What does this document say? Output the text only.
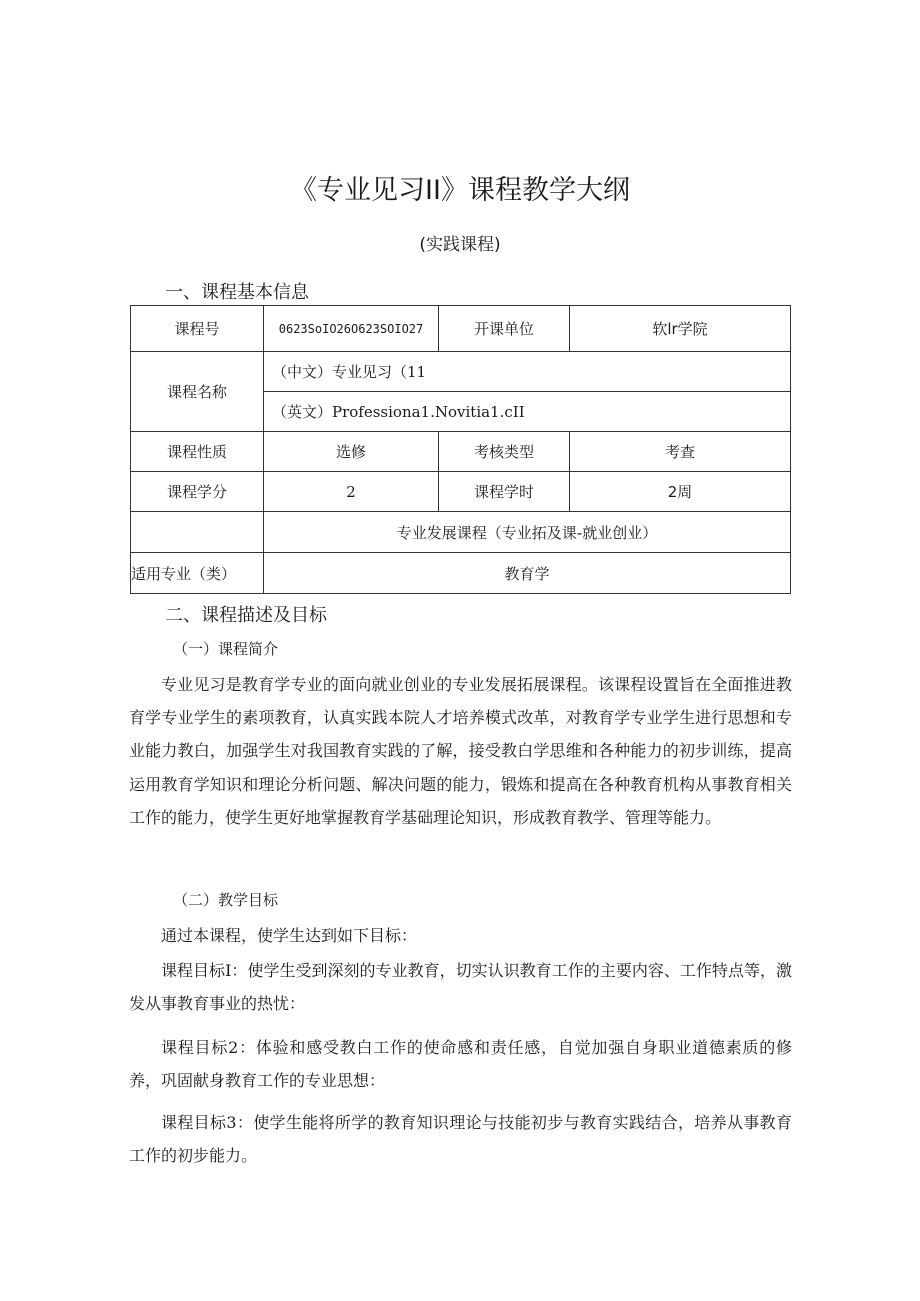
《专业见习II》课程教学大纲

(实践课程)

一、课程基本信息
课程号	0623SoIO26O623SOIO27	开课单位	软lr学院
课程名称	（中文）专业见习（11		
	（英文）Professiona1.Novitia1.cII		
课程性质	选修	考核类型	考查
课程学分	2	课程学时	2周
	专业发展课程（专业拓及课-就业创业）		
适用专业（类）	教育学		
二、课程描述及目标

（一）课程简介

专业见习是教育学专业的面向就业创业的专业发展拓展课程。该课程设置旨在全面推进教育学专业学生的素项教育，认真实践本院人才培养模式改革，对教育学专业学生进行思想和专业能力教白，加强学生对我国教育实践的了解，接受教白学思维和各种能力的初步训练，提高运用教育学知识和理论分析问题、解决问题的能力，锻炼和提高在各种教育机构从事教育相关工作的能力，使学生更好地掌握教育学基础理论知识，形成教育教学、管理等能力。

（二）教学目标

通过本课程，使学生达到如下目标：

课程目标I：使学生受到深刻的专业教育，切实认识教育工作的主要内容、工作特点等，激发从事教育事业的热忧：

课程目标2：体验和感受教白工作的使命感和责任感，自觉加强自身职业道德素质的修养，巩固献身教育工作的专业思想：

课程目标3：使学生能将所学的教育知识理论与技能初步与教育实践结合，培养从事教育工作的初步能力。
